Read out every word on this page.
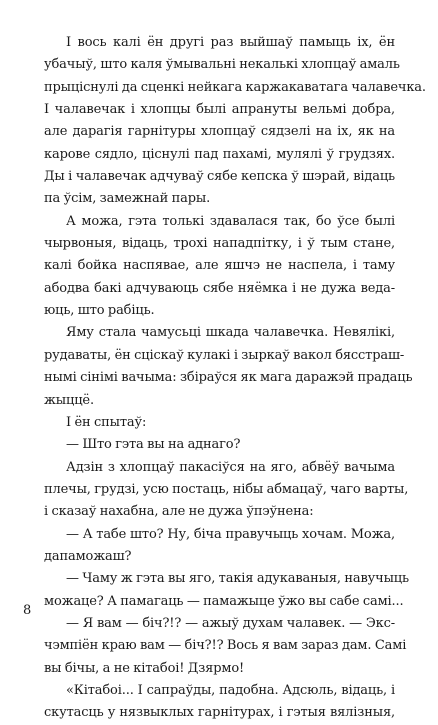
I вось калі ён другі раз выйшаў памыць іх, ён
убачыў, што каля ўмывальні некалькі хлопцаў амаль
прыціснулі да сценкі нейкага каржакаватага чалавечка.
I чалавечак і хлопцы былі апрануты вельмі добра,
але дарагія гарнітуры хлопцаў сядзелі на іх, як на
карове сядло, ціснулі пад пахамі, мулялі ў грудзях.
Ды і чалавечак адчуваў сябе кепска ў шэрай, відаць
па ўсім, замежнай пары.
А можа, гэта толькі здавалася так, бо ўсе былі
чырвоныя, відаць, трохі нападпітку, і ў тым стане,
калі бойка наспявае, але яшчэ не наспела, і таму
абодва бакі адчуваюць сябе няёмка і не дужа веда-
юць, што рабіць.
Яму стала чамусьці шкада чалавечка. Невялікі,
рудаваты, ён сціскаў кулакі і зыркаў вакол бясстраш-
нымі сінімі вачыма: збіраўся як мага даражэй прадаць
жыццё.
I ён спытаў:
— Што гэта вы на аднаго?
Адзін з хлопцаў пакасіўся на яго, абвёў вачыма
плечы, грудзі, усю постаць, нібы абмацаў, чаго варты,
і сказаў нахабна, але не дужа ўпэўнена:
— А табе што? Ну, біча правучыць хочам. Можа,
дапаможаш?
— Чаму ж гэта вы яго, такія адукаваныя, навучыць
можаце? А памагаць — памажыце ўжо вы сабе самі...
— Я вам — біч?!? — ажыў духам чалавек. — Экс-
чэмпіён краю вам — біч?!? Вось я вам зараз дам. Самі
вы бічы, а не кітабоі! Дзярмо!
«Кітабоі... I сапраўды, падобна. Адсюль, відаць, і
скутасць у нязвыклых гарнітурах, і гэтыя вялізныя,
8
